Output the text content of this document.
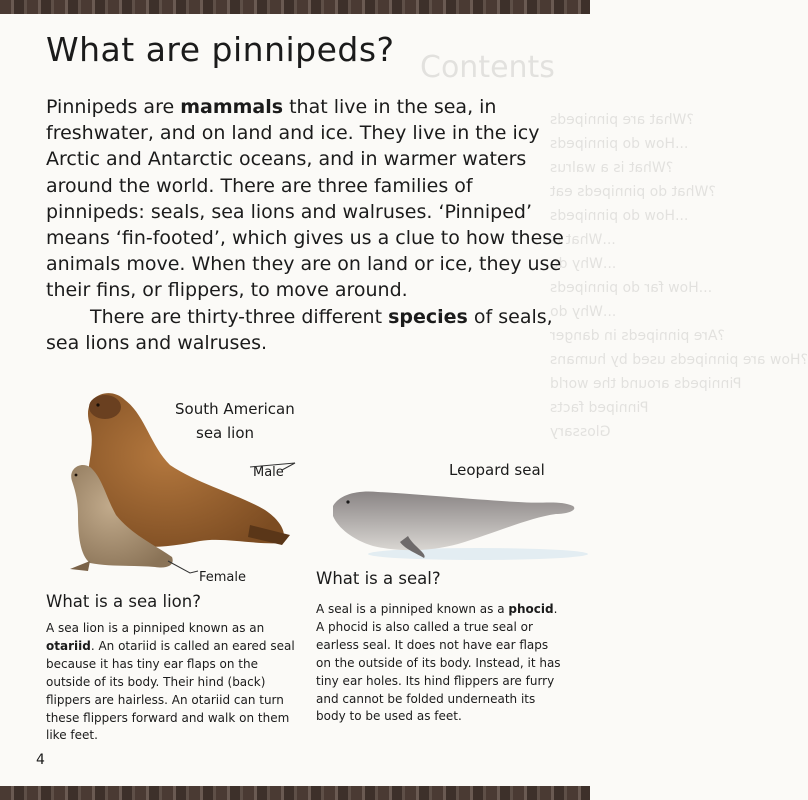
Contents
What are pinnipeds?
How do pinnipeds...
What is a walrus?
What do pinnipeds eat?
How do pinnipeds...
What is...
Why do...
How far do pinnipeds...
Why do...
Are pinnipeds in danger?
How are pinnipeds used by humans?
Pinnipeds around the world
Pinniped facts
Glossary
What are pinnipeds?

Pinnipeds are mammals that live in the sea, in freshwater, and on land and ice. They live in the icy Arctic and Antarctic oceans, and in warmer waters around the world. There are three families of pinnipeds: seals, sea lions and walruses. ‘Pinniped’ means ‘fin-footed’, which gives us a clue to how these animals move. When they are on land or ice, they use their fins, or flippers, to move around.

There are thirty-three different species of seals, sea lions and walruses.

South American
sea lion
Male
Female
Leopard seal
What is a sea lion?

A sea lion is a pinniped known as an otariid. An otariid is called an eared seal because it has tiny ear flaps on the outside of its body. Their hind (back) flippers are hairless. An otariid can turn these flippers forward and walk on them like feet.

What is a seal?

A seal is a pinniped known as a phocid. A phocid is also called a true seal or earless seal. It does not have ear flaps on the outside of its body. Instead, it has tiny ear holes. Its hind flippers are furry and cannot be folded underneath its body to be used as feet.

4
